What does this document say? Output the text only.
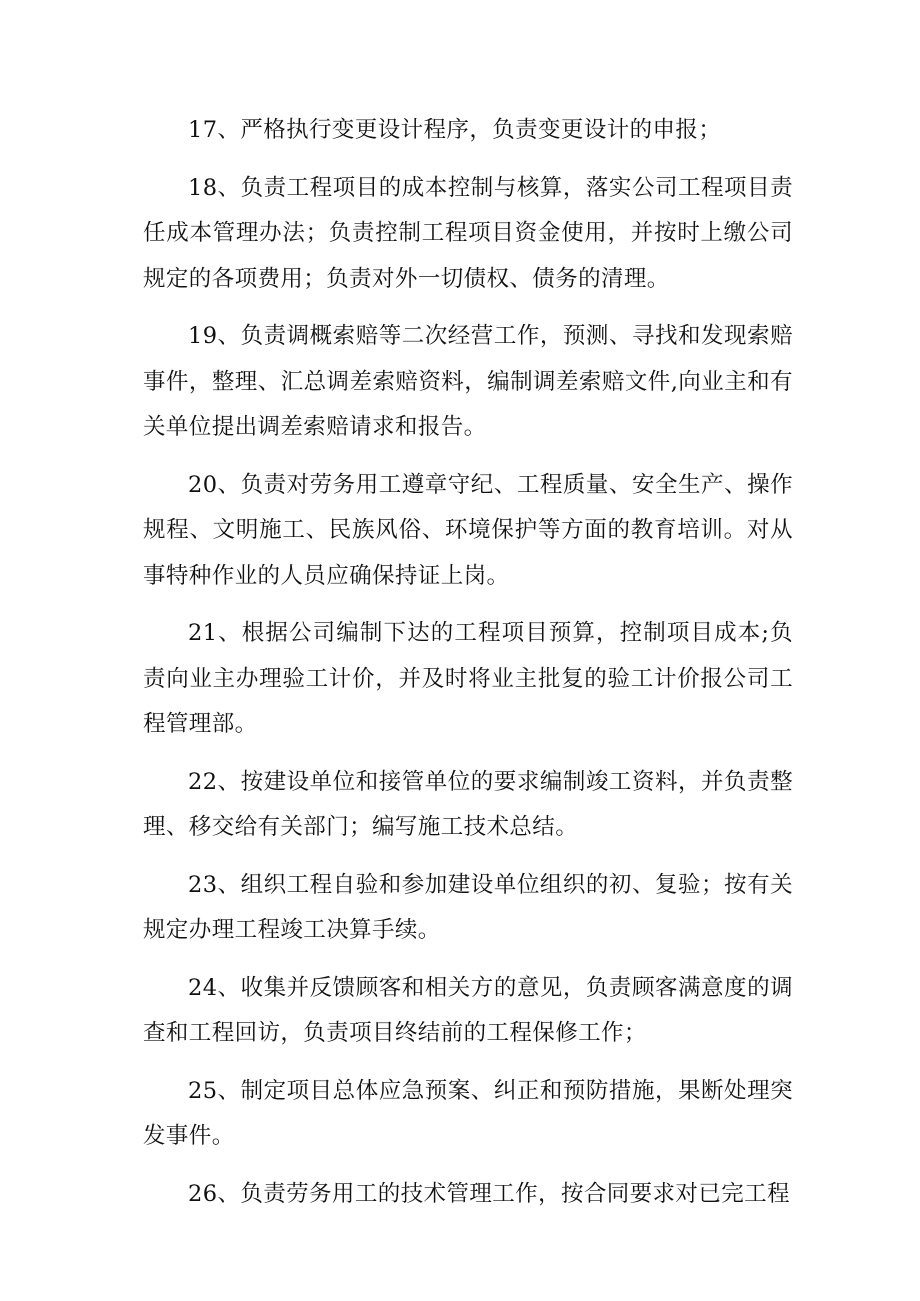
17、严格执行变更设计程序，负责变更设计的申报；

18、负责工程项目的成本控制与核算，落实公司工程项目责任成本管理办法；负责控制工程项目资金使用，并按时上缴公司规定的各项费用；负责对外一切债权、债务的清理。

19、负责调概索赔等二次经营工作，预测、寻找和发现索赔事件，整理、汇总调差索赔资料，编制调差索赔文件,向业主和有关单位提出调差索赔请求和报告。

20、负责对劳务用工遵章守纪、工程质量、安全生产、操作规程、文明施工、民族风俗、环境保护等方面的教育培训。对从事特种作业的人员应确保持证上岗。

21、根据公司编制下达的工程项目预算，控制项目成本;负责向业主办理验工计价，并及时将业主批复的验工计价报公司工程管理部。

22、按建设单位和接管单位的要求编制竣工资料，并负责整理、移交给有关部门；编写施工技术总结。

23、组织工程自验和参加建设单位组织的初、复验；按有关规定办理工程竣工决算手续。

24、收集并反馈顾客和相关方的意见，负责顾客满意度的调查和工程回访，负责项目终结前的工程保修工作；

25、制定项目总体应急预案、纠正和预防措施，果断处理突发事件。

26、负责劳务用工的技术管理工作，按合同要求对已完工程
